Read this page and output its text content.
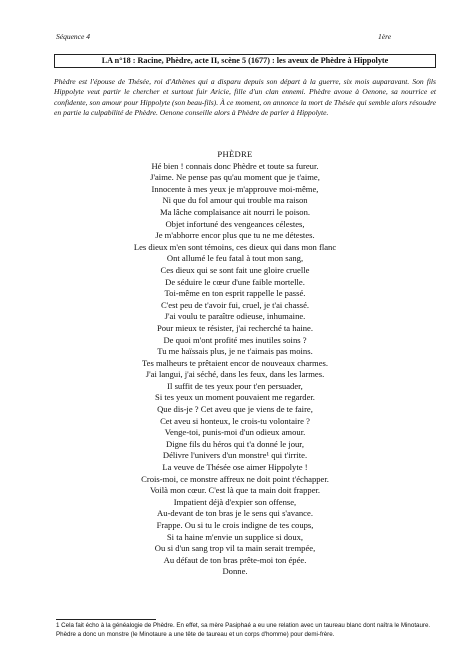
Séquence 4	1ère
LA n°18 : Racine, Phèdre, acte II, scène 5 (1677) : les aveux de Phèdre à Hippolyte
Phèdre est l'épouse de Thésée, roi d'Athènes qui a disparu depuis son départ à la guerre, six mois auparavant. Son fils Hippolyte veut partir le chercher et surtout fuir Aricie, fille d'un clan ennemi. Phèdre avoue à Oenone, sa nourrice et confidente, son amour pour Hippolyte (son beau-fils). À ce moment, on annonce la mort de Thésée qui semble alors résoudre en partie la culpabilité de Phèdre. Oenone conseille alors à Phèdre de parler à Hippolyte.
PHÈDRE
Hé bien ! connais donc Phèdre et toute sa fureur.
J'aime. Ne pense pas qu'au moment que je t'aime,
Innocente à mes yeux je m'approuve moi-même,
Ni que du fol amour qui trouble ma raison
Ma lâche complaisance ait nourri le poison.
Objet infortuné des vengeances célestes,
Je m'abhorre encor plus que tu ne me détestes.
Les dieux m'en sont témoins, ces dieux qui dans mon flanc
Ont allumé le feu fatal à tout mon sang,
Ces dieux qui se sont fait une gloire cruelle
De séduire le cœur d'une faible mortelle.
Toi-même en ton esprit rappelle le passé.
C'est peu de t'avoir fui, cruel, je t'ai chassé.
J'ai voulu te paraître odieuse, inhumaine.
Pour mieux te résister, j'ai recherché ta haine.
De quoi m'ont profité mes inutiles soins ?
Tu me haïssais plus, je ne t'aimais pas moins.
Tes malheurs te prêtaient encor de nouveaux charmes.
J'ai langui, j'ai séché, dans les feux, dans les larmes.
Il suffit de tes yeux pour t'en persuader,
Si tes yeux un moment pouvaient me regarder.
Que dis-je ? Cet aveu que je viens de te faire,
Cet aveu si honteux, le crois-tu volontaire ?
Venge-toi, punis-moi d'un odieux amour.
Digne fils du héros qui t'a donné le jour,
Délivre l'univers d'un monstre¹ qui t'irrite.
La veuve de Thésée ose aimer Hippolyte !
Crois-moi, ce monstre affreux ne doit point t'échapper.
Voilà mon cœur. C'est là que ta main doit frapper.
Impatient déjà d'expier son offense,
Au-devant de ton bras je le sens qui s'avance.
Frappe. Ou si tu le crois indigne de tes coups,
Si ta haine m'envie un supplice si doux,
Ou si d'un sang trop vil ta main serait trempée,
Au défaut de ton bras prête-moi ton épée.
Donne.
1 Cela fait écho à la généalogie de Phèdre. En effet, sa mère Pasiphaé a eu une relation avec un taureau blanc dont naîtra le Minotaure. Phèdre a donc un monstre (le Minotaure a une tête de taureau et un corps d'homme) pour demi-frère.
